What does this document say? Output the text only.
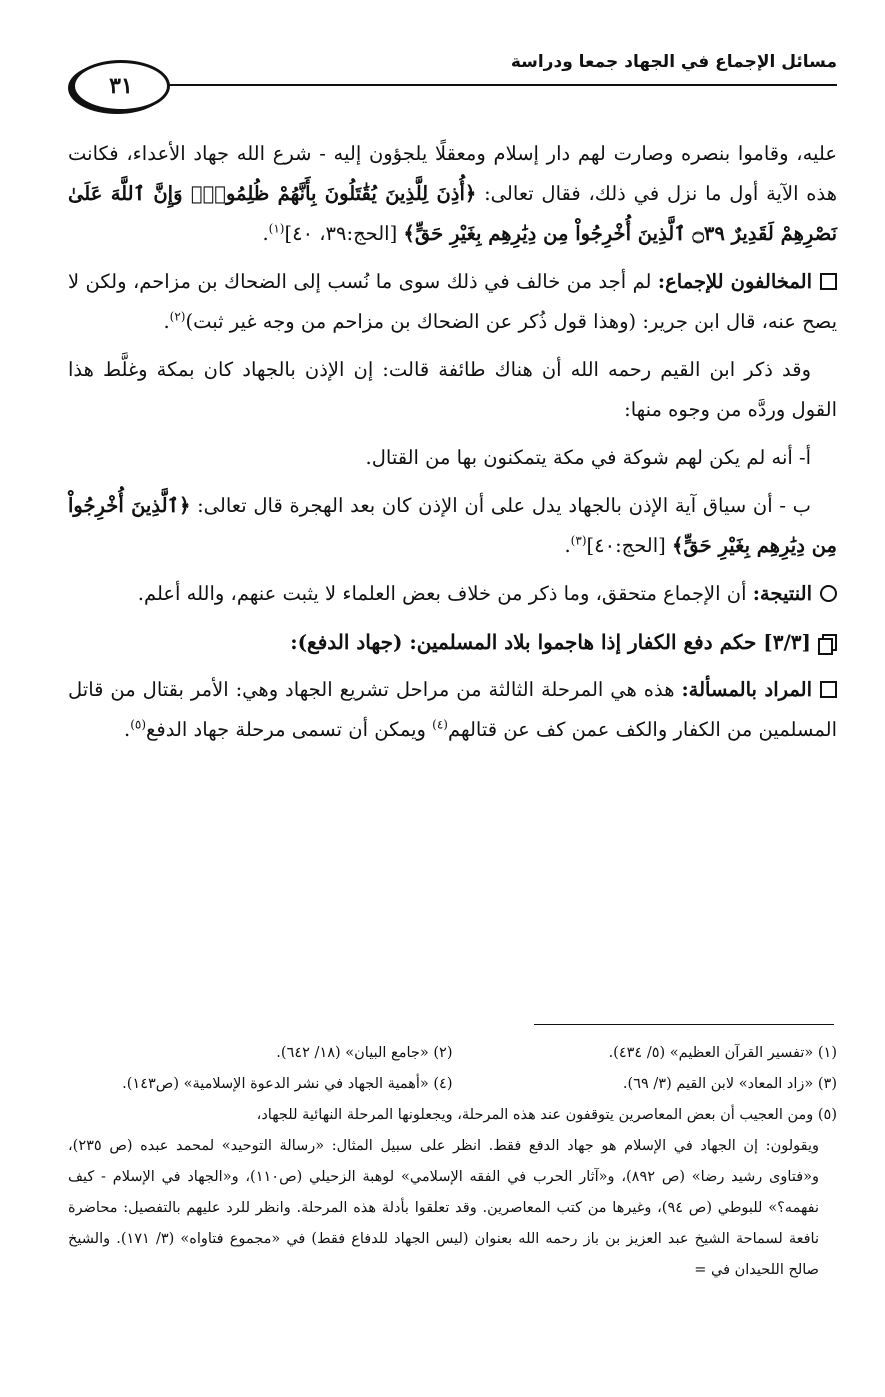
مسائل الإجماع في الجهاد جمعا ودراسة
٣١

عليه، وقاموا بنصره وصارت لهم دار إسلام ومعقلًا يلجؤون إليه - شرع الله جهاد الأعداء، فكانت هذه الآية أول ما نزل في ذلك، فقال تعالى: ﴿أُذِنَ لِلَّذِينَ يُقَٰتَلُونَ بِأَنَّهُمْ ظُلِمُواْۚ وَإِنَّ ٱللَّهَ عَلَىٰ نَصْرِهِمْ لَقَدِيرٌ ۝٣٩ ٱلَّذِينَ أُخْرِجُواْ مِن دِيَٰرِهِم بِغَيْرِ حَقٍّ﴾ [الحج:٣٩، ٤٠]$^{(١)}$.

المخالفون للإجماع: لم أجد من خالف في ذلك سوى ما نُسب إلى الضحاك بن مزاحم، ولكن لا يصح عنه، قال ابن جرير: (وهذا قول ذُكر عن الضحاك بن مزاحم من وجه غير ثبت)$^{(٢)}$.

وقد ذكر ابن القيم رحمه الله أن هناك طائفة قالت: إن الإذن بالجهاد كان بمكة وغلَّط هذا القول وردَّه من وجوه منها:

أ- أنه لم يكن لهم شوكة في مكة يتمكنون بها من القتال.

ب - أن سياق آية الإذن بالجهاد يدل على أن الإذن كان بعد الهجرة قال تعالى: ﴿ٱلَّذِينَ أُخْرِجُواْ مِن دِيَٰرِهِم بِغَيْرِ حَقٍّ﴾ [الحج:٤٠]$^{(٣)}$.

النتيجة: أن الإجماع متحقق، وما ذكر من خلاف بعض العلماء لا يثبت عنهم، والله أعلم.

[٣/٣] حكم دفع الكفار إذا هاجموا بلاد المسلمين: (جهاد الدفع):

المراد بالمسألة: هذه هي المرحلة الثالثة من مراحل تشريع الجهاد وهي: الأمر بقتال من قاتل المسلمين من الكفار والكف عمن كف عن قتالهم$^{(٤)}$ ويمكن أن تسمى مرحلة جهاد الدفع$^{(٥)}$.

(١) «تفسير القرآن العظيم» (٥/ ٤٣٤).
(٢) «جامع البيان» (١٨/ ٦٤٢).
(٣) «زاد المعاد» لابن القيم (٣/ ٦٩).
(٤) «أهمية الجهاد في نشر الدعوة الإسلامية» (ص١٤٣).
(٥) ومن العجيب أن بعض المعاصرين يتوقفون عند هذه المرحلة، ويجعلونها المرحلة النهائية للجهاد،
ويقولون: إن الجهاد في الإسلام هو جهاد الدفع فقط. انظر على سبيل المثال: «رسالة التوحيد» لمحمد عبده (ص ٢٣٥)، و«فتاوى رشيد رضا» (ص ٨٩٢)، و«آثار الحرب في الفقه الإسلامي» لوهبة الزحيلي (ص١١٠)، و«الجهاد في الإسلام - كيف نفهمه؟» للبوطي (ص ٩٤)، وغيرها من كتب المعاصرين. وقد تعلقوا بأدلة هذه المرحلة. وانظر للرد عليهم بالتفصيل: محاضرة نافعة لسماحة الشيخ عبد العزيز بن باز رحمه الله بعنوان (ليس الجهاد للدفاع فقط) في «مجموع فتاواه» (٣/ ١٧١). والشيخ صالح اللحيدان في =
